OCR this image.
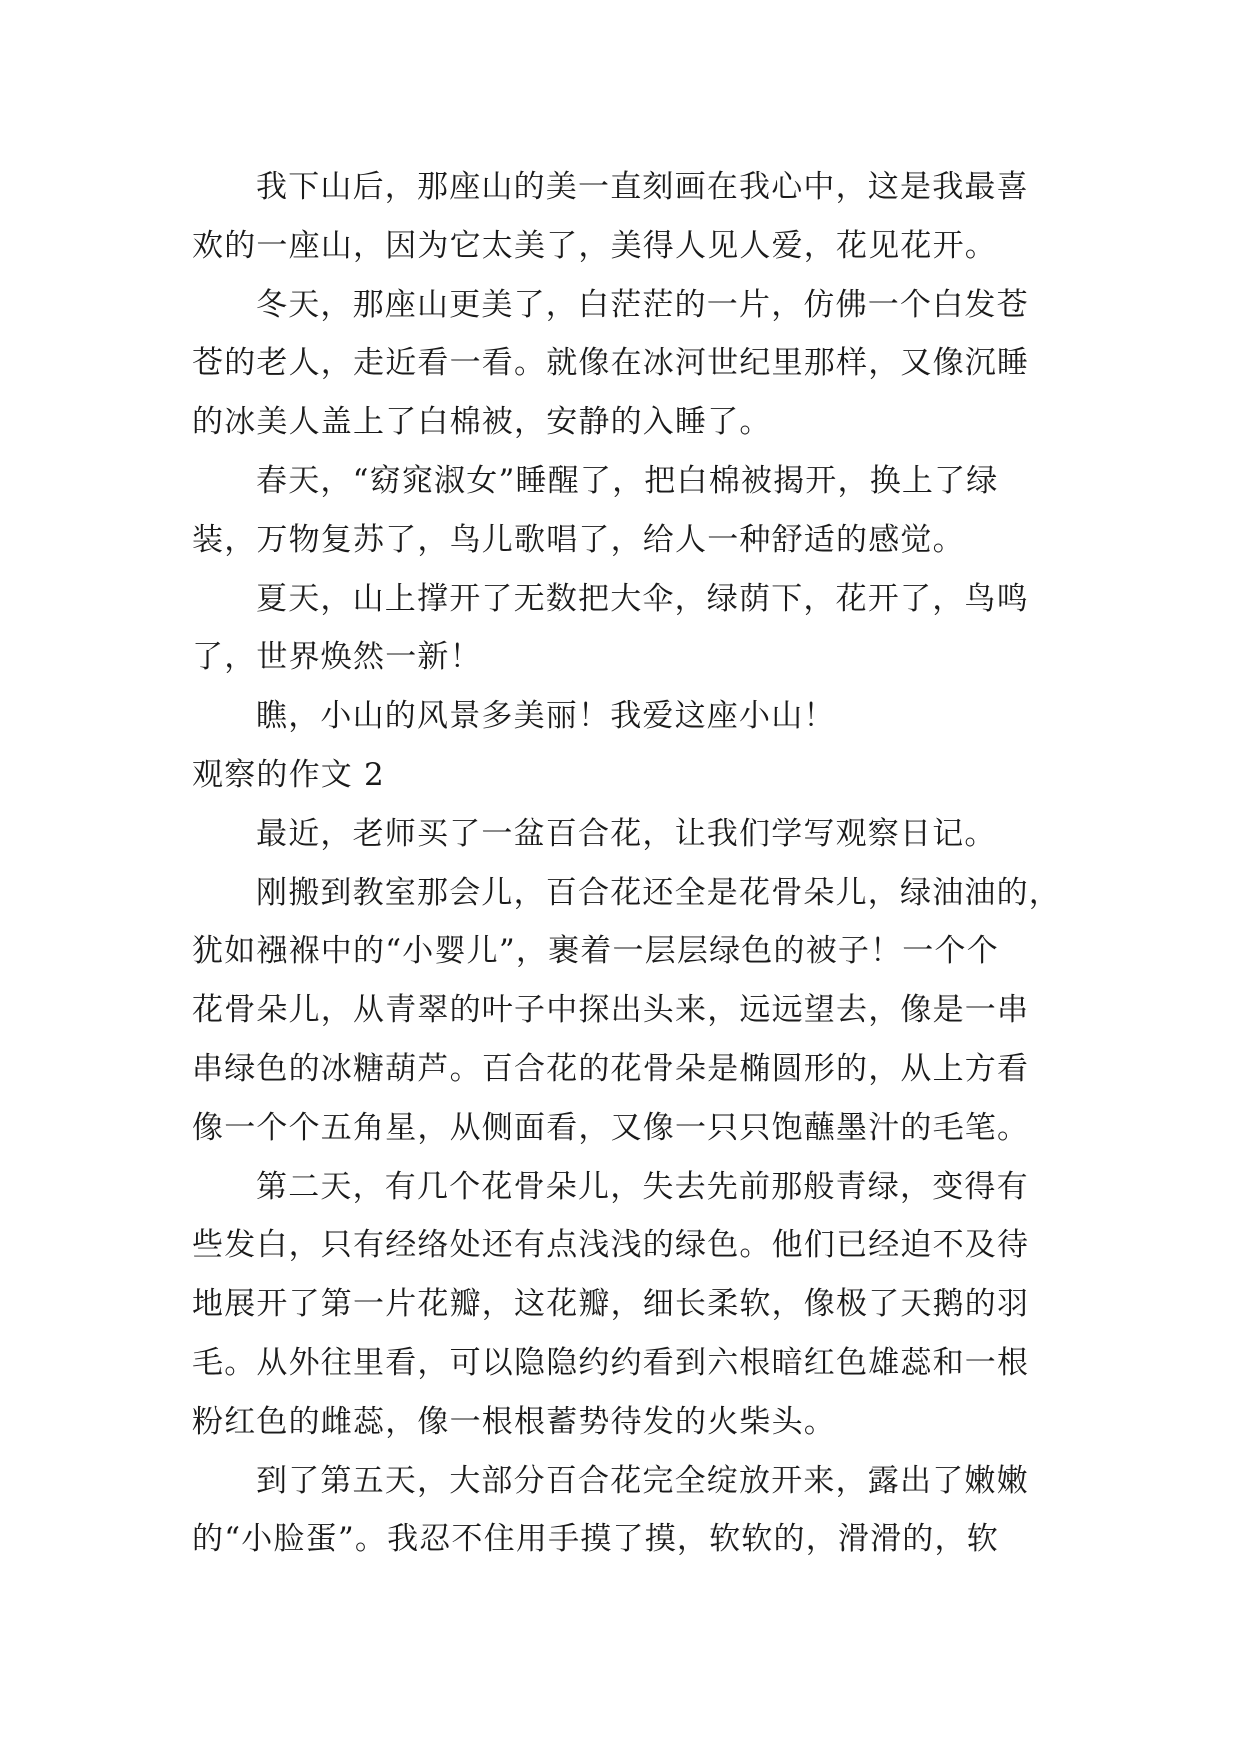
我下山后，那座山的美一直刻画在我心中，这是我最喜
欢的一座山，因为它太美了，美得人见人爱，花见花开。
冬天，那座山更美了，白茫茫的一片，仿佛一个白发苍
苍的老人，走近看一看。就像在冰河世纪里那样，又像沉睡
的冰美人盖上了白棉被，安静的入睡了。
春天，“窈窕淑女”睡醒了，把白棉被揭开，换上了绿
装，万物复苏了，鸟儿歌唱了，给人一种舒适的感觉。
夏天，山上撑开了无数把大伞，绿荫下，花开了，鸟鸣
了，世界焕然一新！
瞧，小山的风景多美丽！我爱这座小山！
观察的作文 2
最近，老师买了一盆百合花，让我们学写观察日记。
刚搬到教室那会儿，百合花还全是花骨朵儿，绿油油的，
犹如襁褓中的“小婴儿”，裹着一层层绿色的被子！一个个
花骨朵儿，从青翠的叶子中探出头来，远远望去，像是一串
串绿色的冰糖葫芦。百合花的花骨朵是椭圆形的，从上方看
像一个个五角星，从侧面看，又像一只只饱蘸墨汁的毛笔。
第二天，有几个花骨朵儿，失去先前那般青绿，变得有
些发白，只有经络处还有点浅浅的绿色。他们已经迫不及待
地展开了第一片花瓣，这花瓣，细长柔软，像极了天鹅的羽
毛。从外往里看，可以隐隐约约看到六根暗红色雄蕊和一根
粉红色的雌蕊，像一根根蓄势待发的火柴头。
到了第五天，大部分百合花完全绽放开来，露出了嫩嫩
的“小脸蛋”。我忍不住用手摸了摸，软软的，滑滑的，软
